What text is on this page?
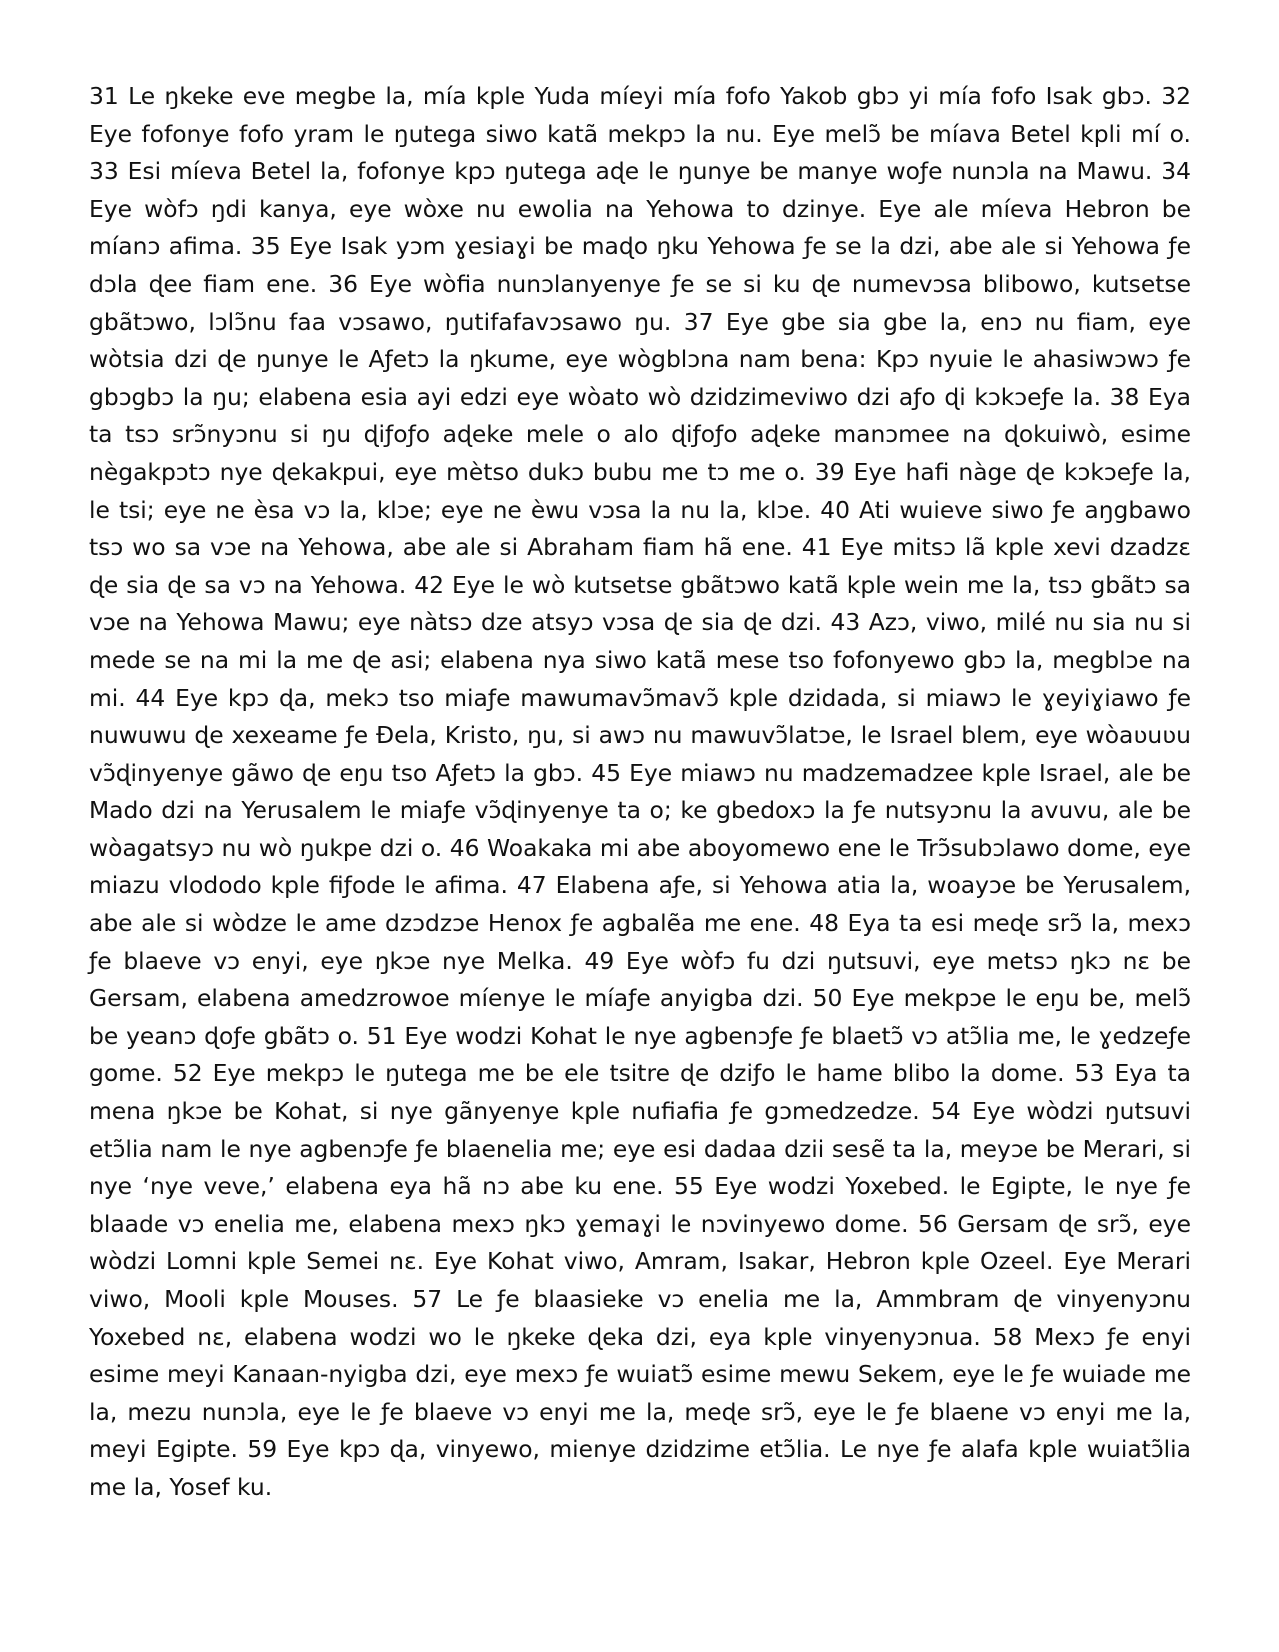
31 Le ŋkeke eve megbe la, mía kple Yuda míeyi mía fofo Yakob gbɔ yi mía fofo Isak gbɔ. 32 Eye fofonye fofo yram le ŋutega siwo katã mekpɔ la nu. Eye melɔ̃ be míava Betel kpli mí o. 33 Esi míeva Betel la, fofonye kpɔ ŋutega aɖe le ŋunye be manye woƒe nunɔla na Mawu. 34 Eye wòfɔ ŋdi kanya, eye wòxe nu ewolia na Yehowa to dzinye. Eye ale míeva Hebron be míanɔ afima. 35 Eye Isak yɔm ɣesiaɣi be maɖo ŋku Yehowa ƒe se la dzi, abe ale si Yehowa ƒe dɔla ɖee fiam ene. 36 Eye wòfia nunɔlanyenye ƒe se si ku ɖe numevɔsa blibowo, kutsetse gbãtɔwo, lɔlɔ̃nu faa vɔsawo, ŋutifafavɔsawo ŋu. 37 Eye gbe sia gbe la, enɔ nu fiam, eye wòtsia dzi ɖe ŋunye le Aƒetɔ la ŋkume, eye wògblɔna nam bena: Kpɔ nyuie le ahasiwɔwɔ ƒe gbɔgbɔ la ŋu; elabena esia ayi edzi eye wòato wò dzidzimeviwo dzi aƒo ɖi kɔkɔeƒe la. 38 Eya ta tsɔ srɔ̃nyɔnu si ŋu ɖiƒoƒo aɖeke mele o alo ɖiƒoƒo aɖeke manɔmee na ɖokuiwò, esime nègakpɔtɔ nye ɖekakpui, eye mètso dukɔ bubu me tɔ me o. 39 Eye hafi nàge ɖe kɔkɔeƒe la, le tsi; eye ne èsa vɔ la, klɔe; eye ne èwu vɔsa la nu la, klɔe. 40 Ati wuieve siwo ƒe aŋgbawo tsɔ wo sa vɔe na Yehowa, abe ale si Abraham fiam hã ene. 41 Eye mitsɔ lã kple xevi dzadzɛ ɖe sia ɖe sa vɔ na Yehowa. 42 Eye le wò kutsetse gbãtɔwo katã kple wein me la, tsɔ gbãtɔ sa vɔe na Yehowa Mawu; eye nàtsɔ dze atsyɔ vɔsa ɖe sia ɖe dzi. 43 Azɔ, viwo, milé nu sia nu si mede se na mi la me ɖe asi; elabena nya siwo katã mese tso fofonyewo gbɔ la, megblɔe na mi. 44 Eye kpɔ ɖa, mekɔ tso miaƒe mawumavɔ̃mavɔ̃ kple dzidada, si miawɔ le ɣeyiɣiawo ƒe nuwuwu ɖe xexeame ƒe Ɖela, Kristo, ŋu, si awɔ nu mawuvɔ̃latɔe, le Israel blem, eye wòaʋuʋu vɔ̃ɖinyenye gãwo ɖe eŋu tso Aƒetɔ la gbɔ. 45 Eye miawɔ nu madzemadzee kple Israel, ale be Mado dzi na Yerusalem le miaƒe vɔ̃ɖinyenye ta o; ke gbedoxɔ la ƒe nutsyɔnu la avuvu, ale be wòagatsyɔ nu wò ŋukpe dzi o. 46 Woakaka mi abe aboyomewo ene le Trɔ̃subɔlawo dome, eye miazu vlododo kple fiƒode le afima. 47 Elabena aƒe, si Yehowa atia la, woayɔe be Yerusalem, abe ale si wòdze le ame dzɔdzɔe Henox ƒe agbalẽa me ene. 48 Eya ta esi meɖe srɔ̃ la, mexɔ ƒe blaeve vɔ enyi, eye ŋkɔe nye Melka. 49 Eye wòfɔ fu dzi ŋutsuvi, eye metsɔ ŋkɔ nɛ be Gersam, elabena amedzrowoe míenye le míaƒe anyigba dzi. 50 Eye mekpɔe le eŋu be, melɔ̃ be yeanɔ ɖoƒe gbãtɔ o. 51 Eye wodzi Kohat le nye agbenɔƒe ƒe blaetɔ̃ vɔ atɔ̃lia me, le ɣedzeƒe gome. 52 Eye mekpɔ le ŋutega me be ele tsitre ɖe dziƒo le hame blibo la dome. 53 Eya ta mena ŋkɔe be Kohat, si nye gãnyenye kple nufiafia ƒe gɔmedzedze. 54 Eye wòdzi ŋutsuvi etɔ̃lia nam le nye agbenɔƒe ƒe blaenelia me; eye esi dadaa dzii sesẽ ta la, meyɔe be Merari, si nye ‘nye veve,’ elabena eya hã nɔ abe ku ene. 55 Eye wodzi Yoxebed. le Egipte, le nye ƒe blaade vɔ enelia me, elabena mexɔ ŋkɔ ɣemaɣi le nɔvinyewo dome. 56 Gersam ɖe srɔ̃, eye wòdzi Lomni kple Semei nɛ. Eye Kohat viwo, Amram, Isakar, Hebron kple Ozeel. Eye Merari viwo, Mooli kple Mouses. 57 Le ƒe blaasieke vɔ enelia me la, Ammbram ɖe vinyenyɔnu Yoxebed nɛ, elabena wodzi wo le ŋkeke ɖeka dzi, eya kple vinyenyɔnua. 58 Mexɔ ƒe enyi esime meyi Kanaan-nyigba dzi, eye mexɔ ƒe wuiatɔ̃ esime mewu Sekem, eye le ƒe wuiade me la, mezu nunɔla, eye le ƒe blaeve vɔ enyi me la, meɖe srɔ̃, eye le ƒe blaene vɔ enyi me la, meyi Egipte. 59 Eye kpɔ ɖa, vinyewo, mienye dzidzime etɔ̃lia. Le nye ƒe alafa kple wuiatɔ̃lia me la, Yosef ku.
